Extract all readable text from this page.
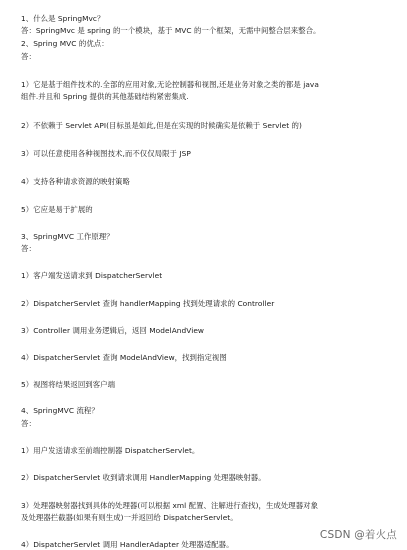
1、什么是 SpringMvc？
答：SpringMvc 是 spring 的一个模块，基于 MVC 的一个框架，无需中间整合层来整合。
2、Spring MVC 的优点：
答：
1）它是基于组件技术的.全部的应用对象,无论控制器和视图,还是业务对象之类的都是 java
组件.并且和 Spring 提供的其他基础结构紧密集成.
2）不依赖于 Servlet API(目标虽是如此,但是在实现的时候确实是依赖于 Servlet 的)
3）可以任意使用各种视图技术,而不仅仅局限于 JSP
4）支持各种请求资源的映射策略
5）它应是易于扩展的
3、SpringMVC 工作原理？
答：
1）客户端发送请求到 DispatcherServlet
2）DispatcherServlet 查询 handlerMapping 找到处理请求的 Controller
3）Controller 调用业务逻辑后，返回 ModelAndView
4）DispatcherServlet 查询 ModelAndView，找到指定视图
5）视图将结果返回到客户端
4、SpringMVC 流程？
答：
1）用户发送请求至前端控制器 DispatcherServlet。
2）DispatcherServlet 收到请求调用 HandlerMapping 处理器映射器。
3）处理器映射器找到具体的处理器(可以根据 xml 配置、注解进行查找)，生成处理器对象
及处理器拦截器(如果有则生成)一并返回给 DispatcherServlet。
4）DispatcherServlet 调用 HandlerAdapter 处理器适配器。
CSDN @着火点
